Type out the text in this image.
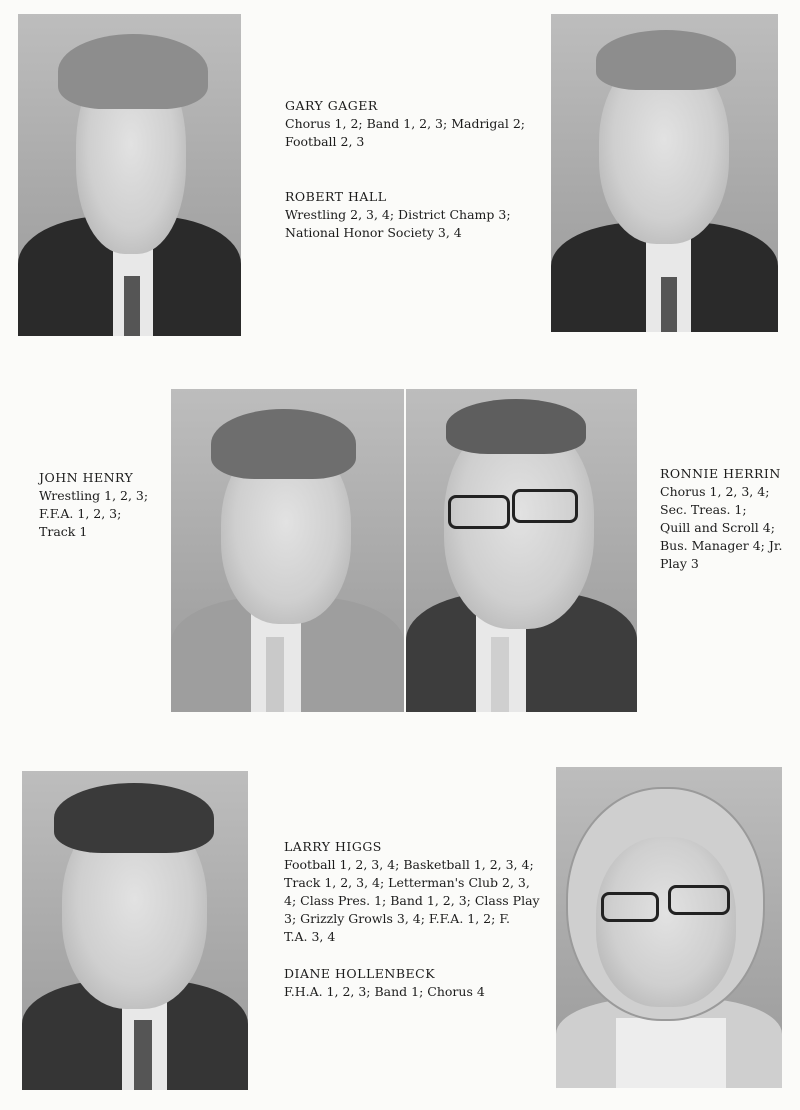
GARY GAGER
Chorus 1, 2; Band 1, 2, 3; Madrigal 2;
Football 2, 3
ROBERT HALL
Wrestling 2, 3, 4; District Champ 3;
National Honor Society 3, 4
JOHN HENRY
Wrestling 1, 2, 3;
F.F.A. 1, 2, 3;
Track 1
RONNIE HERRIN
Chorus 1, 2, 3, 4;
Sec. Treas. 1;
Quill and Scroll 4;
Bus. Manager 4; Jr.
Play 3
LARRY HIGGS
Football 1, 2, 3, 4; Basketball 1, 2, 3, 4;
Track 1, 2, 3, 4; Letterman's Club 2, 3,
4; Class Pres. 1; Band 1, 2, 3; Class Play
3; Grizzly Growls 3, 4; F.F.A. 1, 2; F.
T.A. 3, 4
DIANE HOLLENBECK
F.H.A. 1, 2, 3; Band 1; Chorus 4
